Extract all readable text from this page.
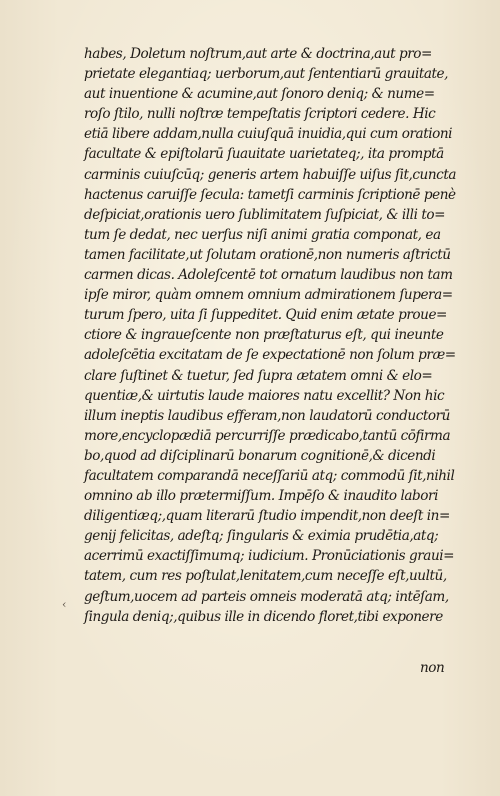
habes, Doletum noſtrum,aut arte & doctrina,aut pro=
prietate elegantiaq; uerborum,aut ſententiarū grauitate,
aut inuentione & acumine,aut ſonoro deniq; & nume=
roſo ſtilo, nulli noſtræ tempeſtatis ſcriptori cedere. Hic
etiā libere addam,nulla cuiuſquā inuidia,qui cum orationi
facultate & epiſtolarū ſuauitate uarietateq;, ita promptā
carminis cuiuſcūq; generis artem habuiſſe uiſus ſit,cuncta
hactenus caruiſſe ſecula: tametſi carminis ſcriptionē penè
deſpiciat,orationis uero ſublimitatem ſuſpiciat, & illi to=
tum ſe dedat, nec uerſus niſi animi gratia componat, ea
tamen facilitate,ut ſolutam orationē,non numeris aſtrictū
carmen dicas. Adoleſcentē tot ornatum laudibus non tam
ipſe miror, quàm omnem omnium admirationem ſupera=
turum ſpero, uita ſi ſuppeditet. Quid enim ætate proue=
ctiore & ingraueſcente non præſtaturus eſt, qui ineunte
adoleſcētia excitatam de ſe expectationē non ſolum præ=
clare ſuſtinet & tuetur, ſed ſupra ætatem omni & elo=
quentiæ,& uirtutis laude maiores natu excellit? Non hic
illum ineptis laudibus efferam,non laudatorū conductorū
more,encyclopædiā percurriſſe prædicabo,tantū cōfirma
bo,quod ad diſciplinarū bonarum cognitionē,& dicendi
facultatem comparandā neceſſariū atq; commodū ſit,nihil
omnino ab illo prætermiſſum. Impēſo & inaudito labori
diligentiæq;,quam literarū ſtudio impendit,non deeſt in=
genij felicitas, adeſtq; ſingularis & eximia prudētia,atq;
acerrimū exactiſſimumq; iudicium. Pronūciationis graui=
tatem, cum res poſtulat,lenitatem,cum neceſſe eſt,uultū,
geſtum,uocem ad parteis omneis moderatā atq; intēſam,
ſingula deniq;,quibus ille in dicendo floret,tibi exponere
‹
non
